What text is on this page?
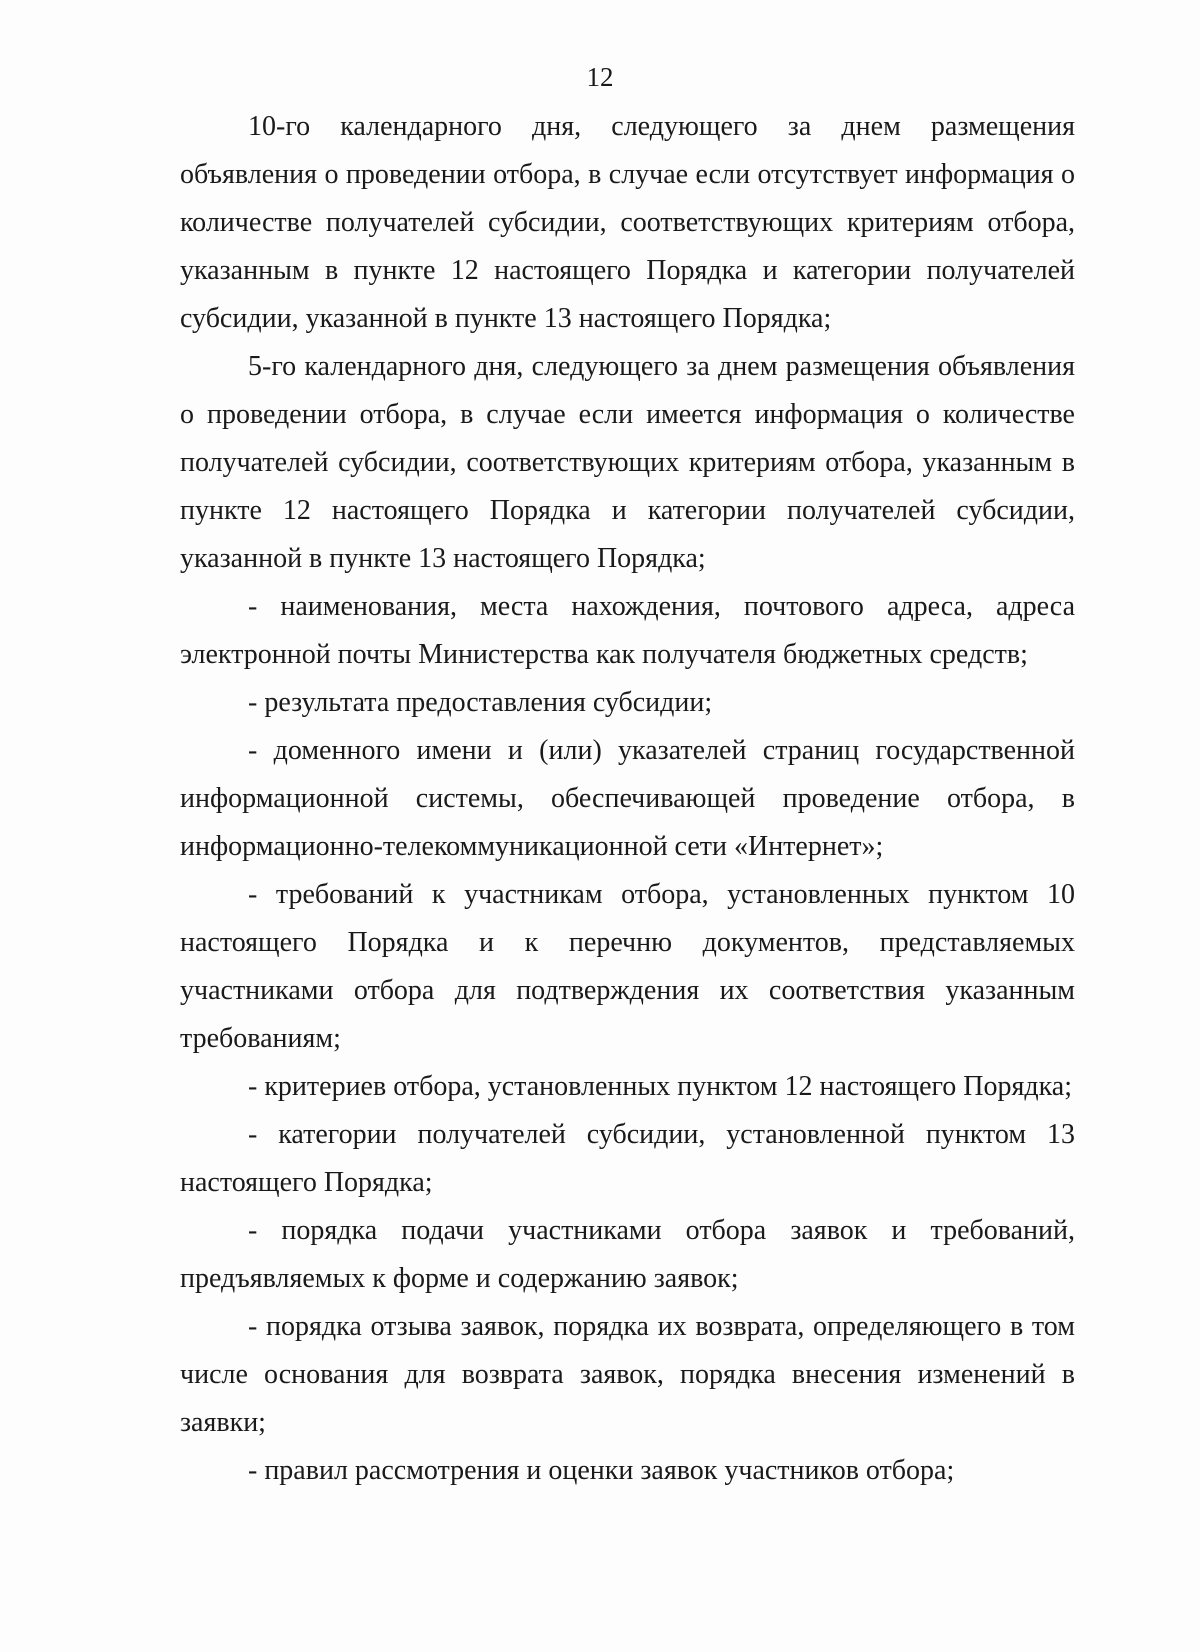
12

10-го календарного дня, следующего за днем размещения объявления о проведении отбора, в случае если отсутствует информация о количестве получателей субсидии, соответствующих критериям отбора, указанным в пункте 12 настоящего Порядка и категории получателей субсидии, указанной в пункте 13 настоящего Порядка;

5-го календарного дня, следующего за днем размещения объявления о проведении отбора, в случае если имеется информация о количестве получателей субсидии, соответствующих критериям отбора, указанным в пункте 12 настоящего Порядка и категории получателей субсидии, указанной в пункте 13 настоящего Порядка;

- наименования, места нахождения, почтового адреса, адреса электронной почты Министерства как получателя бюджетных средств;

- результата предоставления субсидии;

- доменного имени и (или) указателей страниц государственной информационной системы, обеспечивающей проведение отбора, в информационно-телекоммуникационной сети «Интернет»;

- требований к участникам отбора, установленных пунктом 10 настоящего Порядка и к перечню документов, представляемых участниками отбора для подтверждения их соответствия указанным требованиям;

- критериев отбора, установленных пунктом 12 настоящего Порядка;

- категории получателей субсидии, установленной пунктом 13 настоящего Порядка;

- порядка подачи участниками отбора заявок и требований, предъявляемых к форме и содержанию заявок;

- порядка отзыва заявок, порядка их возврата, определяющего в том числе основания для возврата заявок, порядка внесения изменений в заявки;

- правил рассмотрения и оценки заявок участников отбора;
